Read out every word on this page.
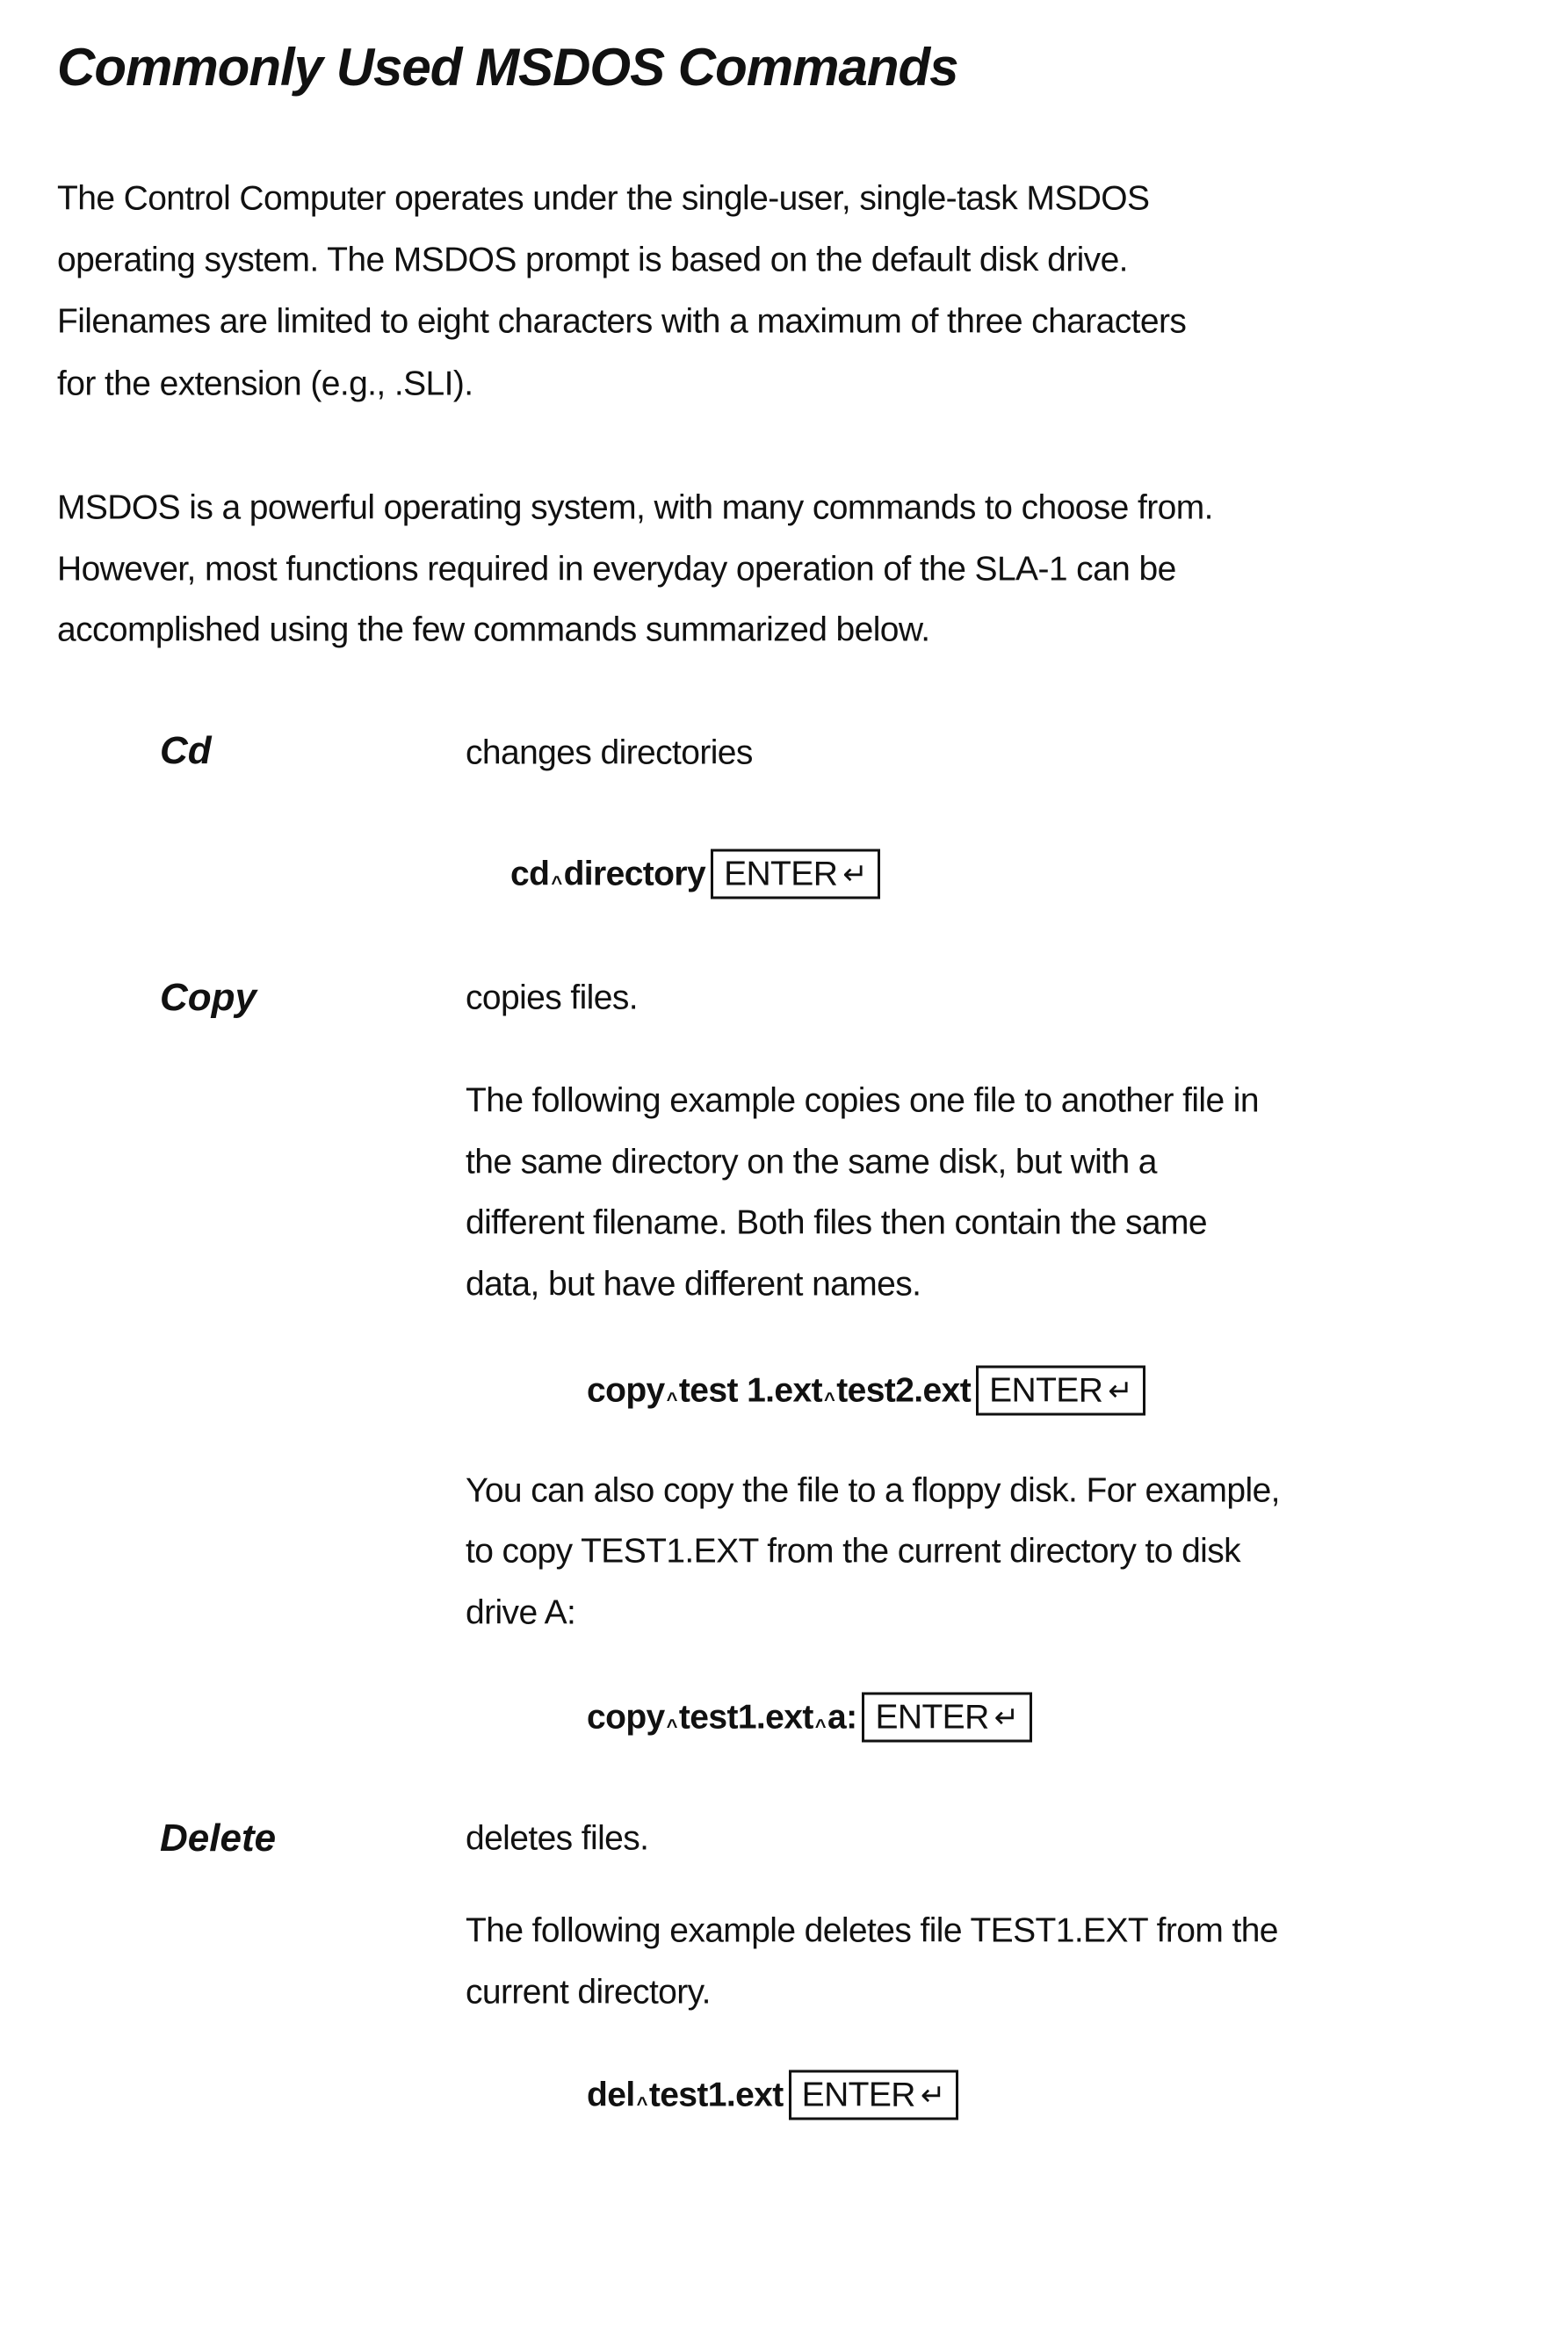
Commonly Used MSDOS Commands
The Control Computer operates under the single-user, single-task MSDOS
operating system. The MSDOS prompt is based on the default disk drive.
Filenames are limited to eight characters with a maximum of three characters
for the extension (e.g., .SLI).
MSDOS is a powerful operating system, with many commands to choose from.
However, most functions required in everyday operation of the SLA-1 can be
accomplished using the few commands summarized below.
Cd	changes directories
cd ^ directory ENTER ↵
Copy	copies files.
The following example copies one file to another file in
the same directory on the same disk, but with a
different filename. Both files then contain the same
data, but have different names.
copy ^ test 1.ext ^ test2.ext ENTER ↵
You can also copy the file to a floppy disk. For example,
to copy TEST1.EXT from the current directory to disk
drive A:
copy ^ test1.ext ^ a: ENTER ↵
Delete	deletes files.
The following example deletes file TEST1.EXT from the
current directory.
del ^ test1.ext ENTER ↵
